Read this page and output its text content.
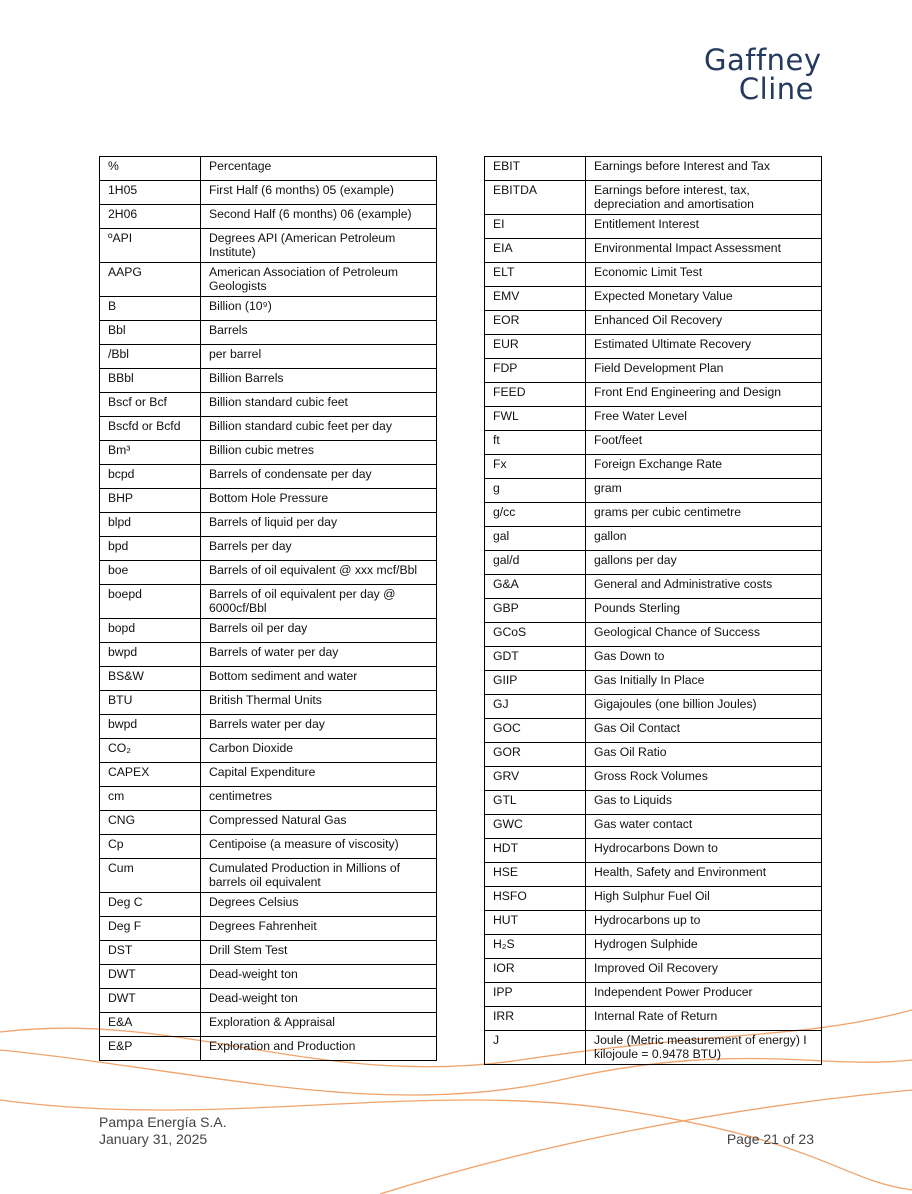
Gaffney
Cline
%	Percentage
1H05	First Half (6 months) 05 (example)
2H06	Second Half (6 months) 06 (example)
ºAPI	Degrees API (American Petroleum Institute)
AAPG	American Association of Petroleum Geologists
B	Billion (10⁹)
Bbl	Barrels
/Bbl	per barrel
BBbl	Billion Barrels
Bscf or Bcf	Billion standard cubic feet
Bscfd or Bcfd	Billion standard cubic feet per day
Bm³	Billion cubic metres
bcpd	Barrels of condensate per day
BHP	Bottom Hole Pressure
blpd	Barrels of liquid per day
bpd	Barrels per day
boe	Barrels of oil equivalent @ xxx mcf/Bbl
boepd	Barrels of oil equivalent per day @ 6000cf/Bbl
bopd	Barrels oil per day
bwpd	Barrels of water per day
BS&W	Bottom sediment and water
BTU	British Thermal Units
bwpd	Barrels water per day
CO₂	Carbon Dioxide
CAPEX	Capital Expenditure
cm	centimetres
CNG	Compressed Natural Gas
Cp	Centipoise (a measure of viscosity)
Cum	Cumulated Production in Millions of barrels oil equivalent
Deg C	Degrees Celsius
Deg F	Degrees Fahrenheit
DST	Drill Stem Test
DWT	Dead-weight ton
DWT	Dead-weight ton
E&A	Exploration & Appraisal
E&P	Exploration and Production
EBIT	Earnings before Interest and Tax
EBITDA	Earnings before interest, tax, depreciation and amortisation
EI	Entitlement Interest
EIA	Environmental Impact Assessment
ELT	Economic Limit Test
EMV	Expected Monetary Value
EOR	Enhanced Oil Recovery
EUR	Estimated Ultimate Recovery
FDP	Field Development Plan
FEED	Front End Engineering and Design
FWL	Free Water Level
ft	Foot/feet
Fx	Foreign Exchange Rate
g	gram
g/cc	grams per cubic centimetre
gal	gallon
gal/d	gallons per day
G&A	General and Administrative costs
GBP	Pounds Sterling
GCoS	Geological Chance of Success
GDT	Gas Down to
GIIP	Gas Initially In Place
GJ	Gigajoules (one billion Joules)
GOC	Gas Oil Contact
GOR	Gas Oil Ratio
GRV	Gross Rock Volumes
GTL	Gas to Liquids
GWC	Gas water contact
HDT	Hydrocarbons Down to
HSE	Health, Safety and Environment
HSFO	High Sulphur Fuel Oil
HUT	Hydrocarbons up to
H₂S	Hydrogen Sulphide
IOR	Improved Oil Recovery
IPP	Independent Power Producer
IRR	Internal Rate of Return
J	Joule (Metric measurement of energy) I kilojoule = 0.9478 BTU)
Pampa Energía S.A.
January 31, 2025	Page 21 of 23
